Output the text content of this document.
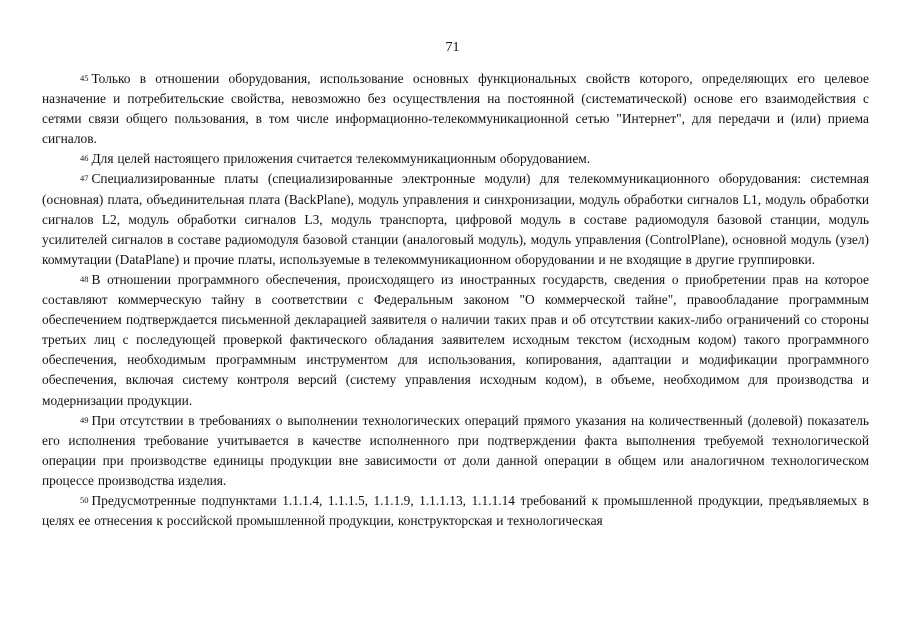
71

$^{45}$ Только в отношении оборудования, использование основных функциональных свойств которого, определяющих его целевое назначение и потребительские свойства, невозможно без осуществления на постоянной (систематической) основе его взаимодействия с сетями связи общего пользования, в том числе информационно-телекоммуникационной сетью "Интернет", для передачи и (или) приема сигналов.

$^{46}$ Для целей настоящего приложения считается телекоммуникационным оборудованием.

$^{47}$ Специализированные платы (специализированные электронные модули) для телекоммуникационного оборудования: системная (основная) плата, объединительная плата (BackPlane), модуль управления и синхронизации, модуль обработки сигналов L1, модуль обработки сигналов L2, модуль обработки сигналов L3, модуль транспорта, цифровой модуль в составе радиомодуля базовой станции, модуль усилителей сигналов в составе радиомодуля базовой станции (аналоговый модуль), модуль управления (ControlPlane), основной модуль (узел) коммутации (DataPlane) и прочие платы, используемые в телекоммуникационном оборудовании и не входящие в другие группировки.

$^{48}$ В отношении программного обеспечения, происходящего из иностранных государств, сведения о приобретении прав на которое составляют коммерческую тайну в соответствии с Федеральным законом "О коммерческой тайне", правообладание программным обеспечением подтверждается письменной декларацией заявителя о наличии таких прав и об отсутствии каких-либо ограничений со стороны третьих лиц с последующей проверкой фактического обладания заявителем исходным текстом (исходным кодом) такого программного обеспечения, необходимым программным инструментом для использования, копирования, адаптации и модификации программного обеспечения, включая систему контроля версий (систему управления исходным кодом), в объеме, необходимом для производства и модернизации продукции.

$^{49}$ При отсутствии в требованиях о выполнении технологических операций прямого указания на количественный (долевой) показатель его исполнения требование учитывается в качестве исполненного при подтверждении факта выполнения требуемой технологической операции при производстве единицы продукции вне зависимости от доли данной операции в общем или аналогичном технологическом процессе производства изделия.

$^{50}$ Предусмотренные подпунктами 1.1.1.4, 1.1.1.5, 1.1.1.9, 1.1.1.13, 1.1.1.14 требований к промышленной продукции, предъявляемых в целях ее отнесения к российской промышленной продукции, конструкторская и технологическая
